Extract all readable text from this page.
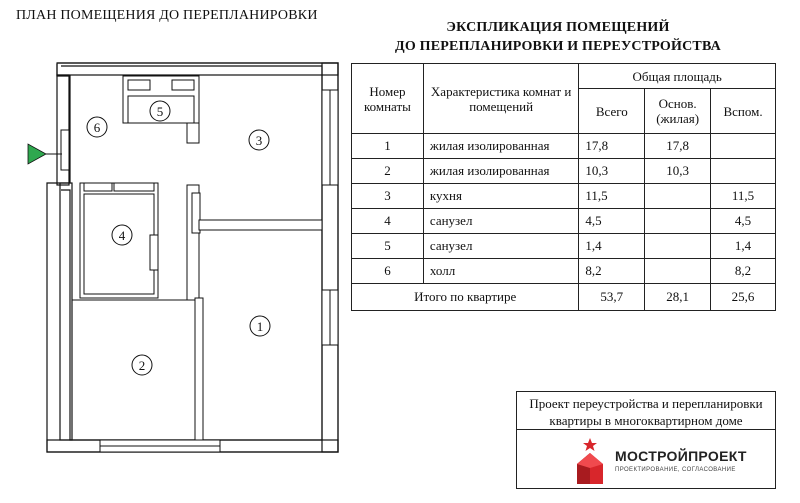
ПЛАН ПОМЕЩЕНИЯ ДО ПЕРЕПЛАНИРОВКИ
1
2
3
4
5
6
ЭКСПЛИКАЦИЯ ПОМЕЩЕНИЙ
ДО ПЕРЕПЛАНИРОВКИ И ПЕРЕУСТРОЙСТВА
Номер комнаты	Характеристика комнат и помещений	Общая площадь		
		Всего	Основ. (жилая)	Вспом.
1	жилая изолированная	17,8	17,8	
2	жилая изолированная	10,3	10,3	
3	кухня	11,5		11,5
4	санузел	4,5		4,5
5	санузел	1,4		1,4
6	холл	8,2		8,2
Итого по квартире		53,7	28,1	25,6
Проект переустройства и перепланировки
квартиры в многоквартирном доме
МОСТРОЙПРОЕКТ
ПРОЕКТИРОВАНИЕ, СОГЛАСОВАНИЕ
